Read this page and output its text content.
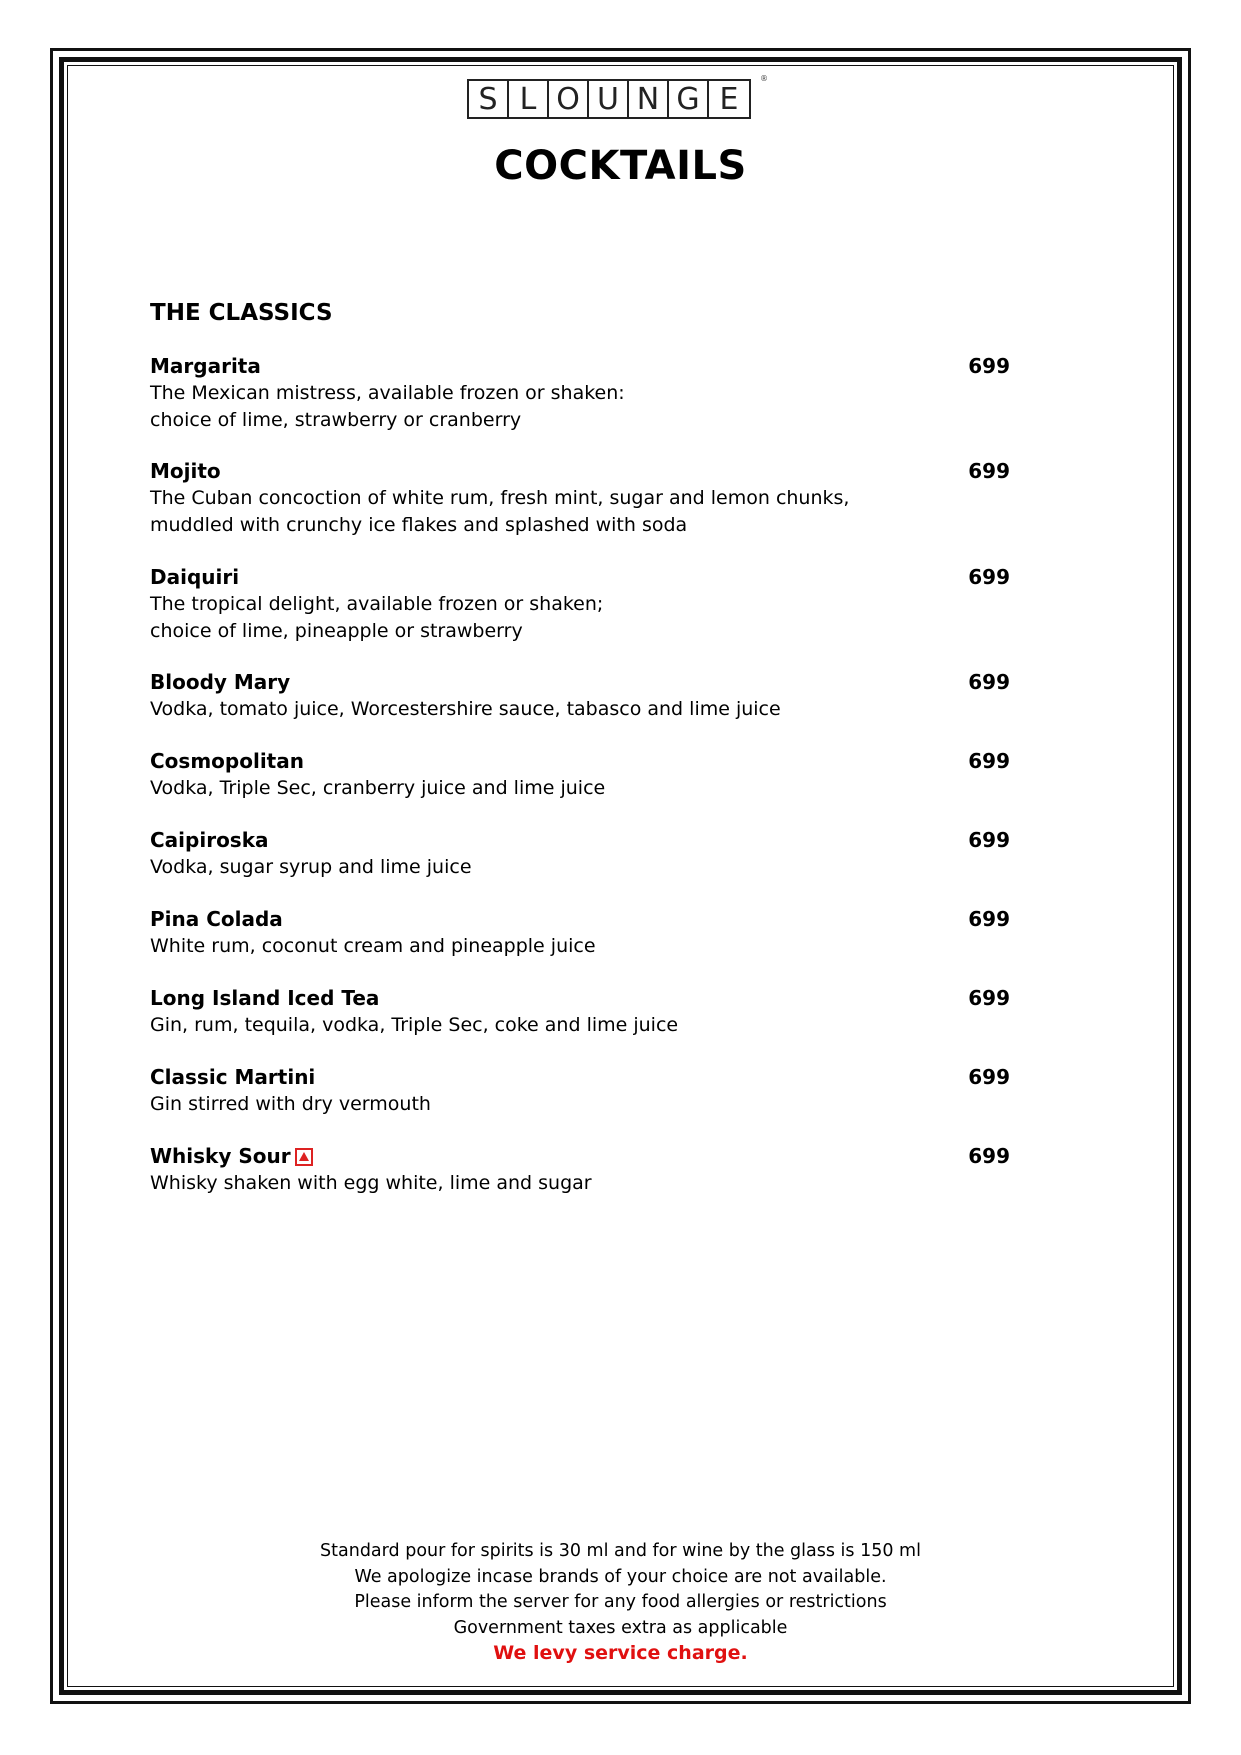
S L O U N G E
®
COCKTAILS
THE CLASSICS
Margarita	699
The Mexican mistress, available frozen or shaken:
choice of lime, strawberry or cranberry
Mojito	699
The Cuban concoction of white rum, fresh mint, sugar and lemon chunks,
muddled with crunchy ice flakes and splashed with soda
Daiquiri	699
The tropical delight, available frozen or shaken;
choice of lime, pineapple or strawberry
Bloody Mary	699
Vodka, tomato juice, Worcestershire sauce, tabasco and lime juice
Cosmopolitan	699
Vodka, Triple Sec, cranberry juice and lime juice
Caipiroska	699
Vodka, sugar syrup and lime juice
Pina Colada	699
White rum, coconut cream and pineapple juice
Long Island Iced Tea	699
Gin, rum, tequila, vodka, Triple Sec, coke and lime juice
Classic Martini	699
Gin stirred with dry vermouth
Whisky Sour	699
Whisky shaken with egg white, lime and sugar
Standard pour for spirits is 30 ml and for wine by the glass is 150 ml
We apologize incase brands of your choice are not available.
Please inform the server for any food allergies or restrictions
Government taxes extra as applicable
We levy service charge.
